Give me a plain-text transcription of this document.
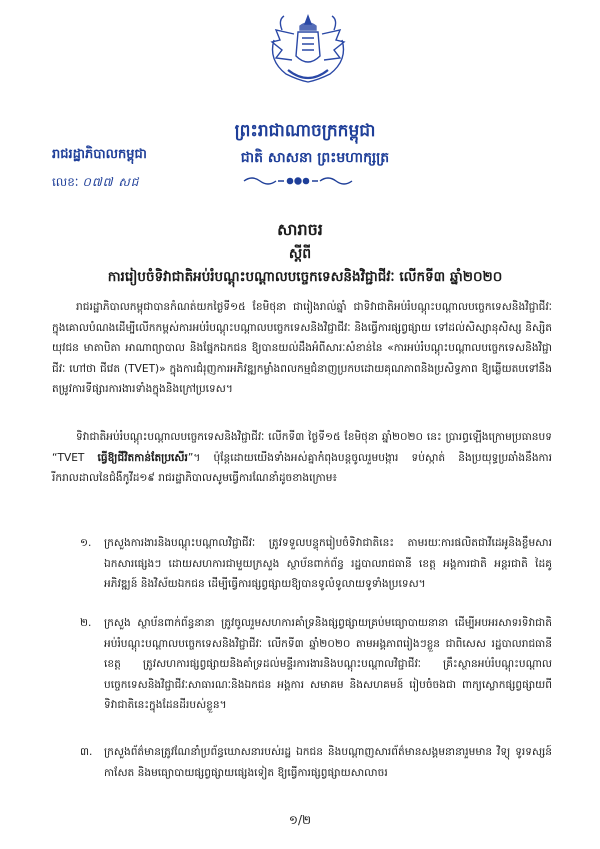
ព្រះរាជាណាចក្រកម្ពុជា
ជាតិ សាសនា ព្រះមហាក្សត្រ
រាជរដ្ឋាភិបាលកម្ពុជា
លេខៈ ០៧៧ សជ
សារាចរ
ស្តីពី
ការរៀបចំទិវាជាតិអប់រំបណ្តុះបណ្តាលបច្ចេកទេសនិងវិជ្ជាជីវៈ លើកទី៣ ឆ្នាំ២០២០
រាជរដ្ឋាភិបាលកម្ពុជាបានកំណត់យកថ្ងៃទី១៥ ខែមិថុនា ជារៀងរាល់ឆ្នាំ ជាទិវាជាតិអប់រំបណ្តុះបណ្តាលបច្ចេកទេសនិងវិជ្ជាជីវៈ ក្នុងគោលបំណងដើម្បីលើកកម្ពស់ការអប់រំបណ្តុះបណ្តាលបច្ចេកទេសនិងវិជ្ជាជីវៈ និងធ្វើការផ្សព្វផ្សាយ ទៅដល់សិស្សានុសិស្ស និស្សិត យុវជន មាតាបិតា អាណាព្យាបាល និងផ្នែកឯកជន ឱ្យបានយល់ដឹងអំពីសារៈសំខាន់នៃ «ការអប់រំបណ្តុះបណ្តាលបច្ចេកទេសនិងវិជ្ជាជីវៈ ហៅថា ជីវេត (TVET)» ក្នុងការជំរុញការអភិវឌ្ឍកម្លាំងពលកម្មជំនាញប្រកបដោយគុណភាពនិងប្រសិទ្ធភាព ឱ្យឆ្លើយតបទៅនឹងតម្រូវការទីផ្សារការងារទាំងក្នុងនិងក្រៅប្រទេស។
ទិវាជាតិអប់រំបណ្តុះបណ្តាលបច្ចេកទេសនិងវិជ្ជាជីវៈ លើកទី៣ ថ្ងៃទី១៥ ខែមិថុនា ឆ្នាំ២០២០ នេះ ប្រារព្ធឡើងក្រោមប្រធានបទ “TVET ធ្វើឱ្យជីវិតកាន់តែប្រសើរ”។ ប៉ុន្តែដោយយើងទាំងអស់គ្នាកំពុងបន្តចូលរួមបង្ការ ទប់ស្កាត់ និងប្រយុទ្ធប្រឆាំងនឹងការរីករាលដាលនៃជំងឺកូវីដ១៩ រាជរដ្ឋាភិបាលសូមធ្វើការណែនាំដូចខាងក្រោម៖
១. ក្រសួងការងារនិងបណ្តុះបណ្តាលវិជ្ជាជីវៈ ត្រូវទទួលបន្ទុករៀបចំទិវាជាតិនេះ តាមរយៈការផលិតជាវីដេអូនិងខ្លឹមសារឯកសារផ្សេងៗ ដោយសហការជាមួយក្រសួង ស្ថាប័នពាក់ព័ន្ធ រដ្ឋបាលរាជធានី ខេត្ត អង្គការជាតិ អន្តរជាតិ ដៃគូអភិវឌ្ឍន៍ និងវិស័យឯកជន ដើម្បីធ្វើការផ្សព្វផ្សាយឱ្យបានទូលំទូលាយទូទាំងប្រទេស។
២. ក្រសួង ស្ថាប័នពាក់ព័ន្ធនានា ត្រូវចូលរួមសហការគាំទ្រនិងផ្សព្វផ្សាយគ្រប់មធ្យោបាយនានា ដើម្បីអបអរសាទរទិវាជាតិអប់រំបណ្តុះបណ្តាលបច្ចេកទេសនិងវិជ្ជាជីវៈ លើកទី៣ ឆ្នាំ២០២០ តាមអង្គភាពរៀងៗខ្លួន ជាពិសេស រដ្ឋបាលរាជធានី ខេត្ត ត្រូវសហការផ្សព្វផ្សាយនិងគាំទ្រដល់មន្ទីរការងារនិងបណ្តុះបណ្តាលវិជ្ជាជីវៈ គ្រឹះស្ថានអប់រំបណ្តុះបណ្តាលបច្ចេកទេសនិងវិជ្ជាជីវៈសាធារណៈនិងឯកជន អង្គការ សមាគម និងសហគមន៍ រៀបចំចងជា ពាក្យស្លោកផ្សព្វផ្សាយពីទិវាជាតិនេះក្នុងដែនដីរបស់ខ្លួន។
៣. ក្រសួងព័ត៌មានត្រូវណែនាំប្រព័ន្ធឃោសនារបស់រដ្ឋ ឯកជន និងបណ្តាញសារព័ត៌មានសង្គមនានារួមមាន វិទ្យុ ទូរទស្សន៍ កាសែត និងមធ្យោបាយផ្សព្វផ្សាយផ្សេងទៀត ឱ្យធ្វើការផ្សព្វផ្សាយសាលាចរ
១/២
